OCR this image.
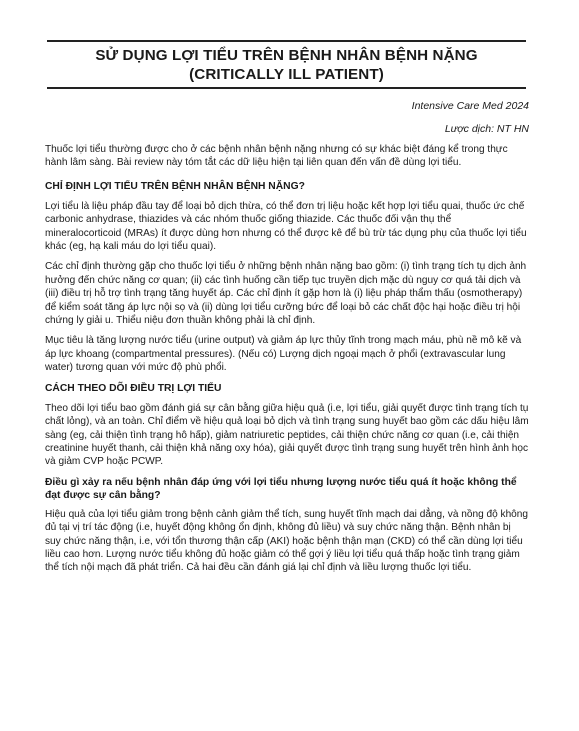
SỬ DỤNG LỢI TIỂU TRÊN BỆNH NHÂN BỆNH NẶNG
(CRITICALLY ILL PATIENT)
Intensive Care Med 2024
Lược dịch: NT HN

Thuốc lợi tiểu thường được cho ở các bệnh nhân bệnh nặng nhưng có sự khác biệt đáng kể trong thực hành lâm sàng. Bài review này tóm tắt các dữ liệu hiện tại liên quan đến vấn đề dùng lợi tiểu.

CHỈ ĐỊNH LỢI TIỂU TRÊN BỆNH NHÂN BỆNH NẶNG?

Lợi tiểu là liệu pháp đầu tay để loại bỏ dịch thừa, có thể đơn trị liệu hoặc kết hợp lợi tiểu quai, thuốc ức chế carbonic anhydrase, thiazides và các nhóm thuốc giống thiazide. Các thuốc đối vận thụ thể mineralocorticoid (MRAs) ít được dùng hơn nhưng có thể được kê để bù trừ tác dụng phụ của thuốc lợi tiểu khác (eg, hạ kali máu do lợi tiểu quai).

Các chỉ định thường gặp cho thuốc lợi tiểu ở những bệnh nhân nặng bao gồm: (i) tình trạng tích tụ dịch ảnh hưởng đến chức năng cơ quan; (ii) các tình huống cần tiếp tục truyền dịch mặc dù nguy cơ quá tải dịch và (iii) điều trị hỗ trợ tình trạng tăng huyết áp. Các chỉ định ít gặp hơn là (i) liệu pháp thẩm thấu (osmotherapy) để kiểm soát tăng áp lực nội sọ và (ii) dùng lợi tiểu cưỡng bức để loại bỏ các chất độc hại hoặc điều trị hội chứng ly giải u. Thiểu niệu đơn thuần không phải là chỉ định.

Mục tiêu là tăng lượng nước tiểu (urine output) và giảm áp lực thủy tĩnh trong mạch máu, phù nề mô kẽ và áp lực khoang (compartmental pressures). (Nếu có) Lượng dịch ngoại mạch ở phổi (extravascular lung water) tương quan với mức độ phù phổi.

CÁCH THEO DÕI ĐIỀU TRỊ LỢI TIỂU

Theo dõi lợi tiểu bao gồm đánh giá sự cân bằng giữa hiệu quả (i.e, lợi tiểu, giải quyết được tình trạng tích tụ chất lỏng), và an toàn. Chỉ điểm về hiệu quả loại bỏ dịch và tình trạng sung huyết bao gồm các dấu hiệu lâm sàng (eg, cải thiện tình trạng hô hấp), giảm natriuretic peptides, cải thiện chức năng cơ quan (i.e, cải thiện creatinine huyết thanh, cải thiện khả năng oxy hóa), giải quyết được tình trạng sung huyết trên hình ảnh học và giảm CVP hoặc PCWP.

Điều gì xảy ra nếu bệnh nhân đáp ứng với lợi tiểu nhưng lượng nước tiểu quá ít hoặc không thể đạt được sự cân bằng?

Hiệu quả của lợi tiểu giảm trong bệnh cảnh giảm thể tích, sung huyết tĩnh mạch dai dẳng, và nồng độ không đủ tại vị trí tác động (i.e, huyết động không ổn định, không đủ liều) và suy chức năng thận. Bệnh nhân bị suy chức năng thận, i.e, với tổn thương thận cấp (AKI) hoặc bệnh thận mạn (CKD) có thể cần dùng lợi tiểu liều cao hơn. Lượng nước tiểu không đủ hoặc giảm có thể gợi ý liều lợi tiểu quá thấp hoặc tình trạng giảm thể tích nội mạch đã phát triển. Cả hai đều cần đánh giá lại chỉ định và liều lượng thuốc lợi tiểu.
